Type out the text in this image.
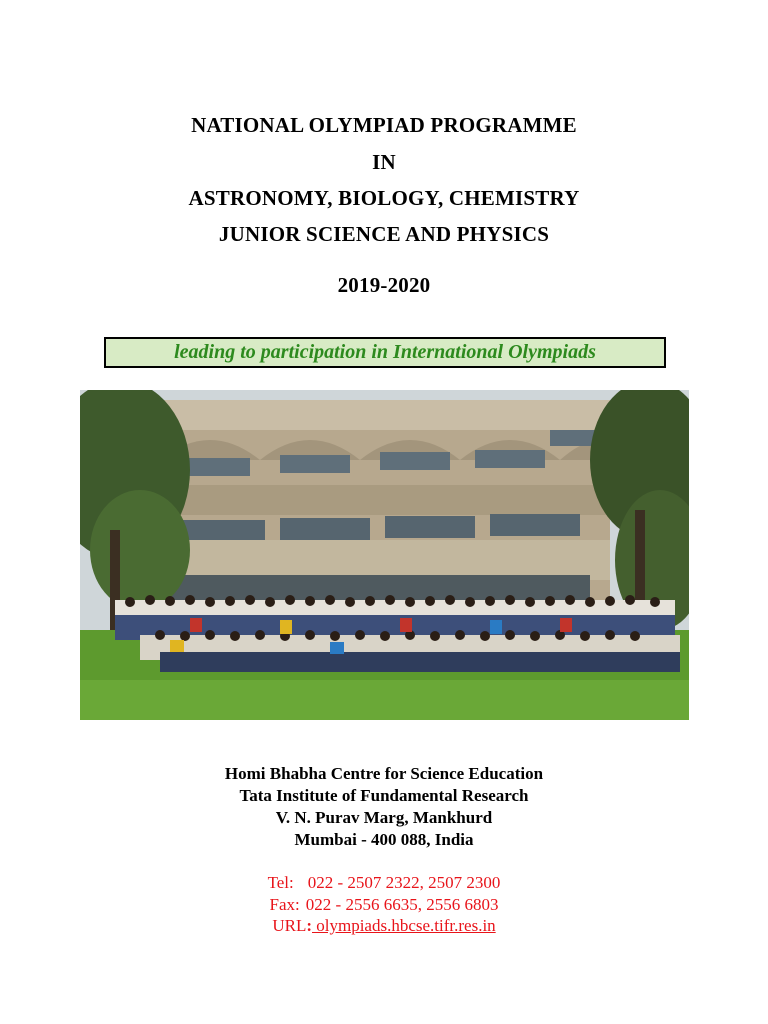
NATIONAL OLYMPIAD PROGRAMME
IN
ASTRONOMY, BIOLOGY, CHEMISTRY
JUNIOR SCIENCE AND PHYSICS
2019-2020
leading to participation in International Olympiads
Homi Bhabha Centre for Science Education
Tata Institute of Fundamental Research
V. N. Purav Marg, Mankhurd
Mumbai - 400 088, India
Tel: 022 - 2507 2322, 2507 2300
Fax: 022 - 2556 6635, 2556 6803
URL: olympiads.hbcse.tifr.res.in
